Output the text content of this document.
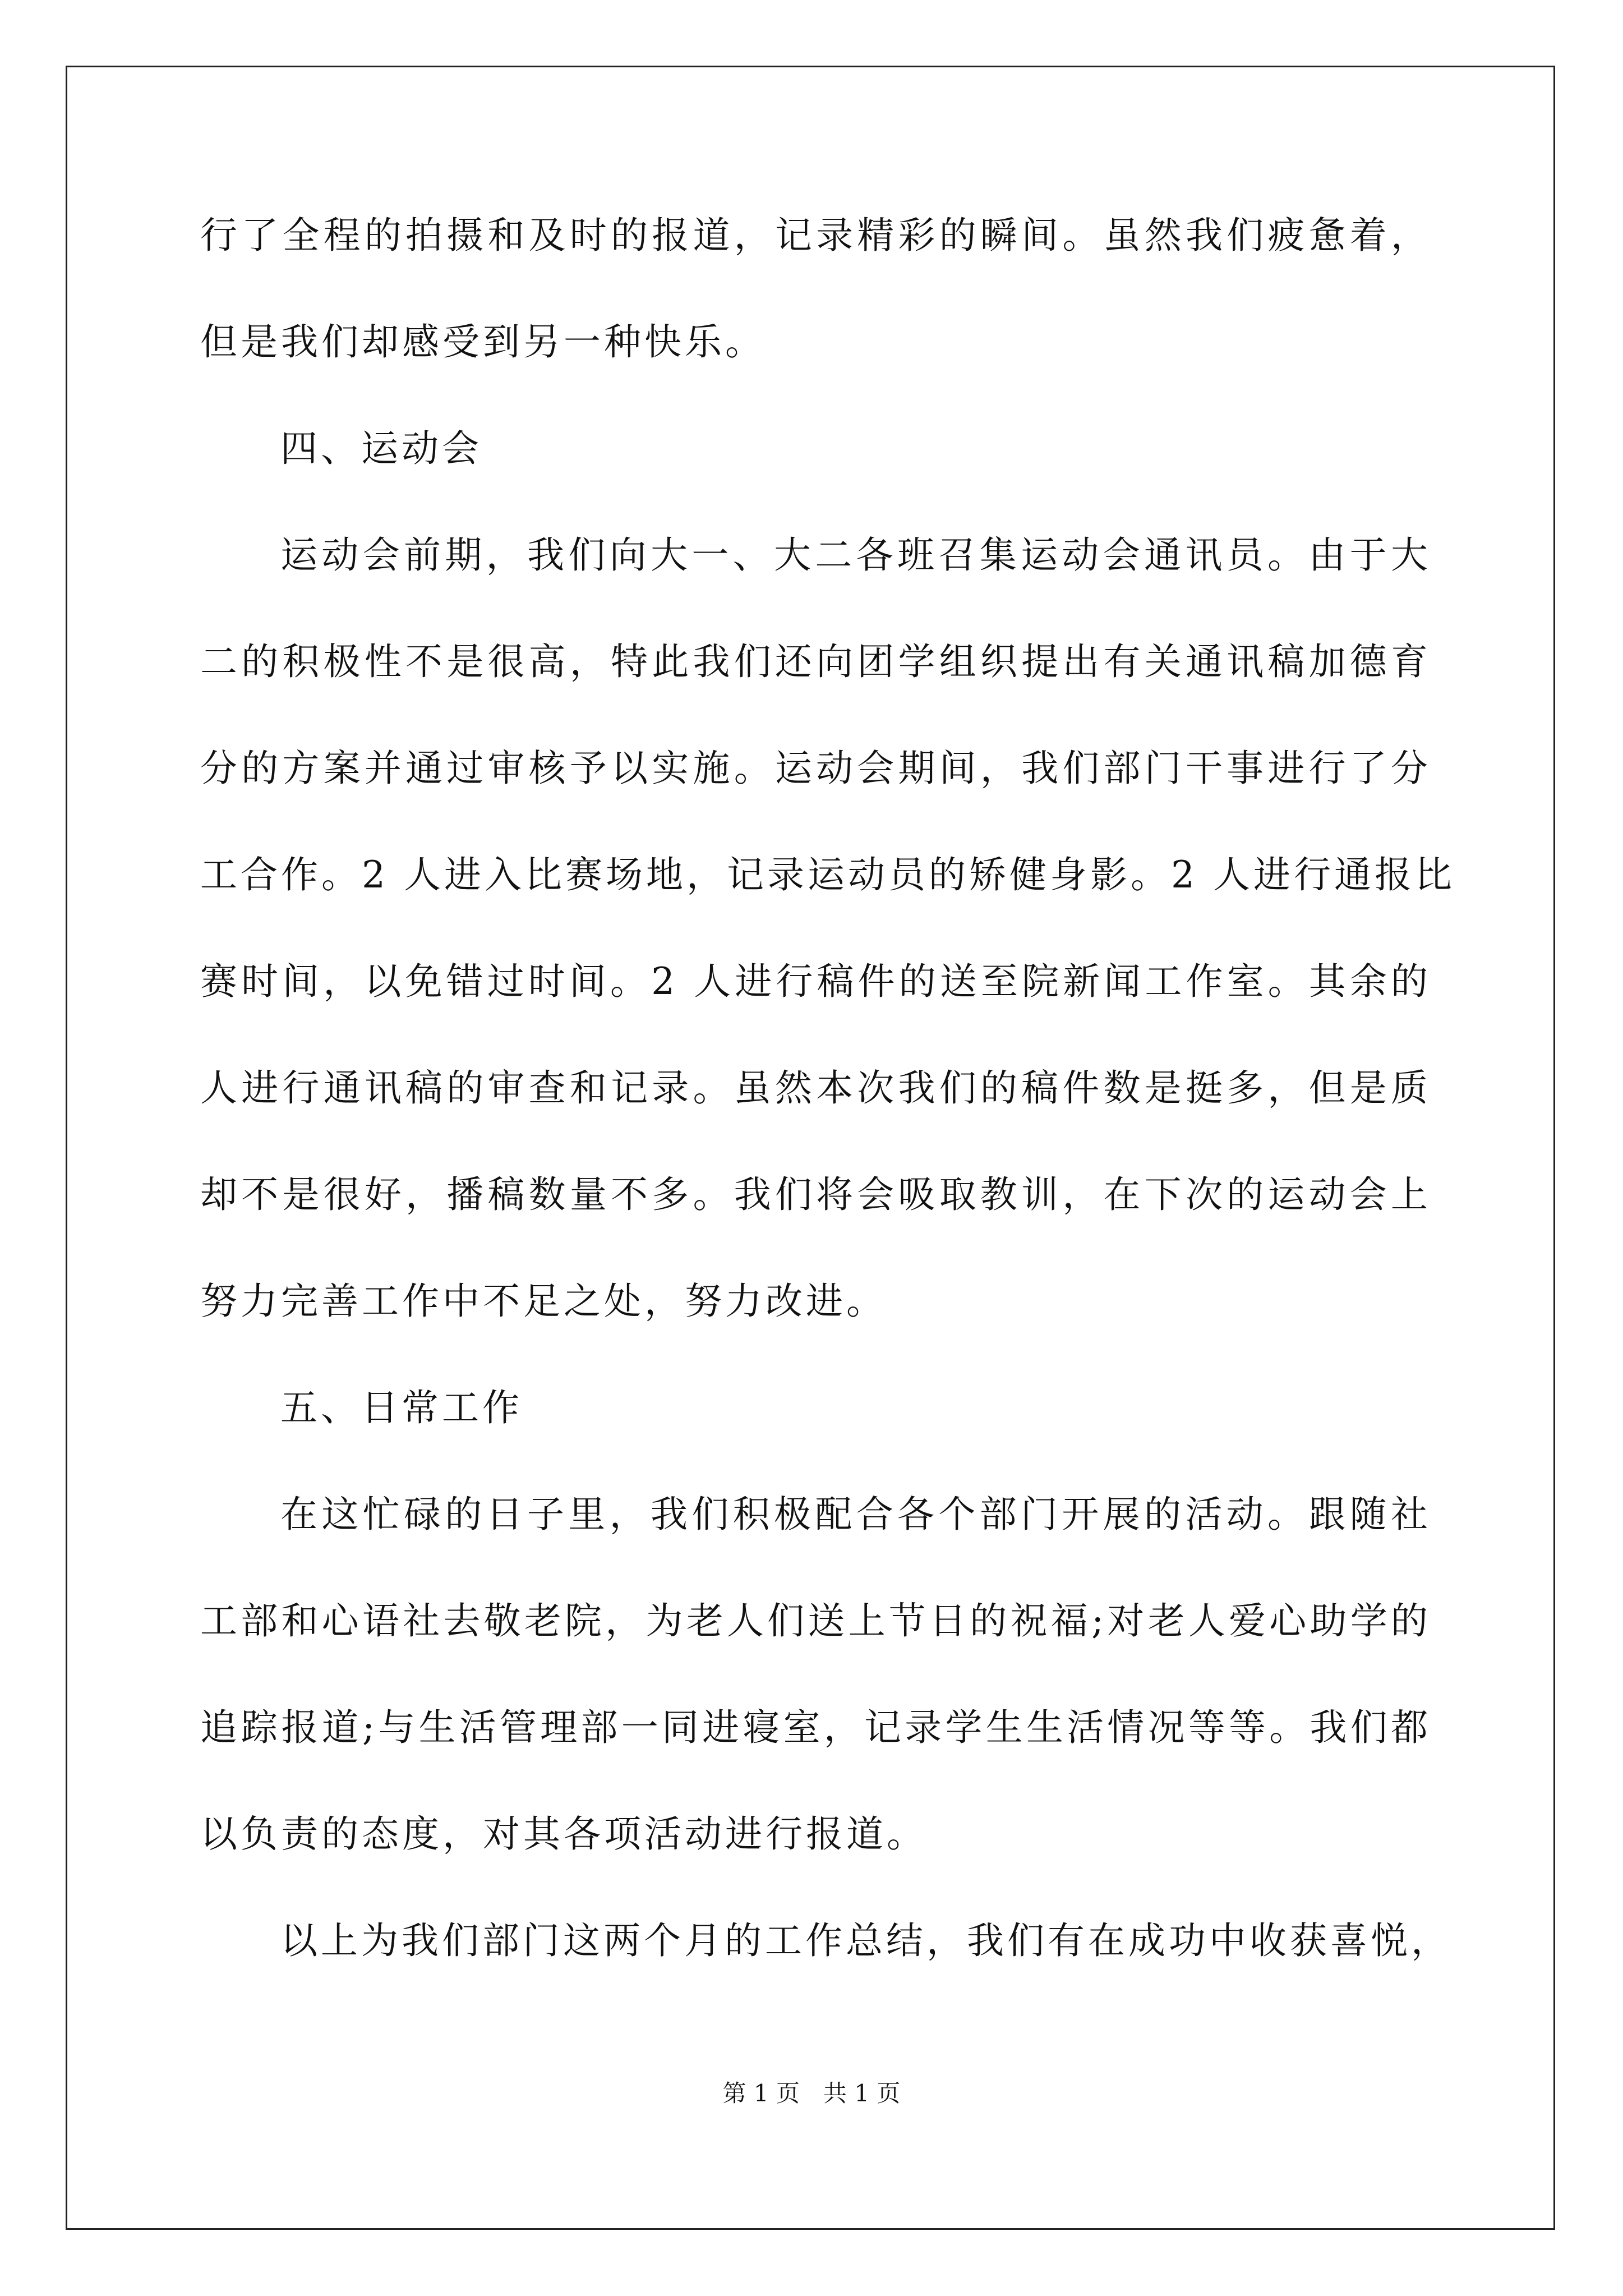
行了全程的拍摄和及时的报道，记录精彩的瞬间。虽然我们疲惫着，
但是我们却感受到另一种快乐。
四、运动会
运动会前期，我们向大一、大二各班召集运动会通讯员。由于大
二的积极性不是很高，特此我们还向团学组织提出有关通讯稿加德育
分的方案并通过审核予以实施。运动会期间，我们部门干事进行了分
工合作。2 人进入比赛场地，记录运动员的矫健身影。2 人进行通报比
赛时间，以免错过时间。2 人进行稿件的送至院新闻工作室。其余的
人进行通讯稿的审查和记录。虽然本次我们的稿件数是挺多，但是质
却不是很好，播稿数量不多。我们将会吸取教训，在下次的运动会上
努力完善工作中不足之处，努力改进。
五、日常工作
在这忙碌的日子里，我们积极配合各个部门开展的活动。跟随社
工部和心语社去敬老院，为老人们送上节日的祝福;对老人爱心助学的
追踪报道;与生活管理部一同进寝室，记录学生生活情况等等。我们都
以负责的态度，对其各项活动进行报道。
以上为我们部门这两个月的工作总结，我们有在成功中收获喜悦，
第 1 页　共 1 页
